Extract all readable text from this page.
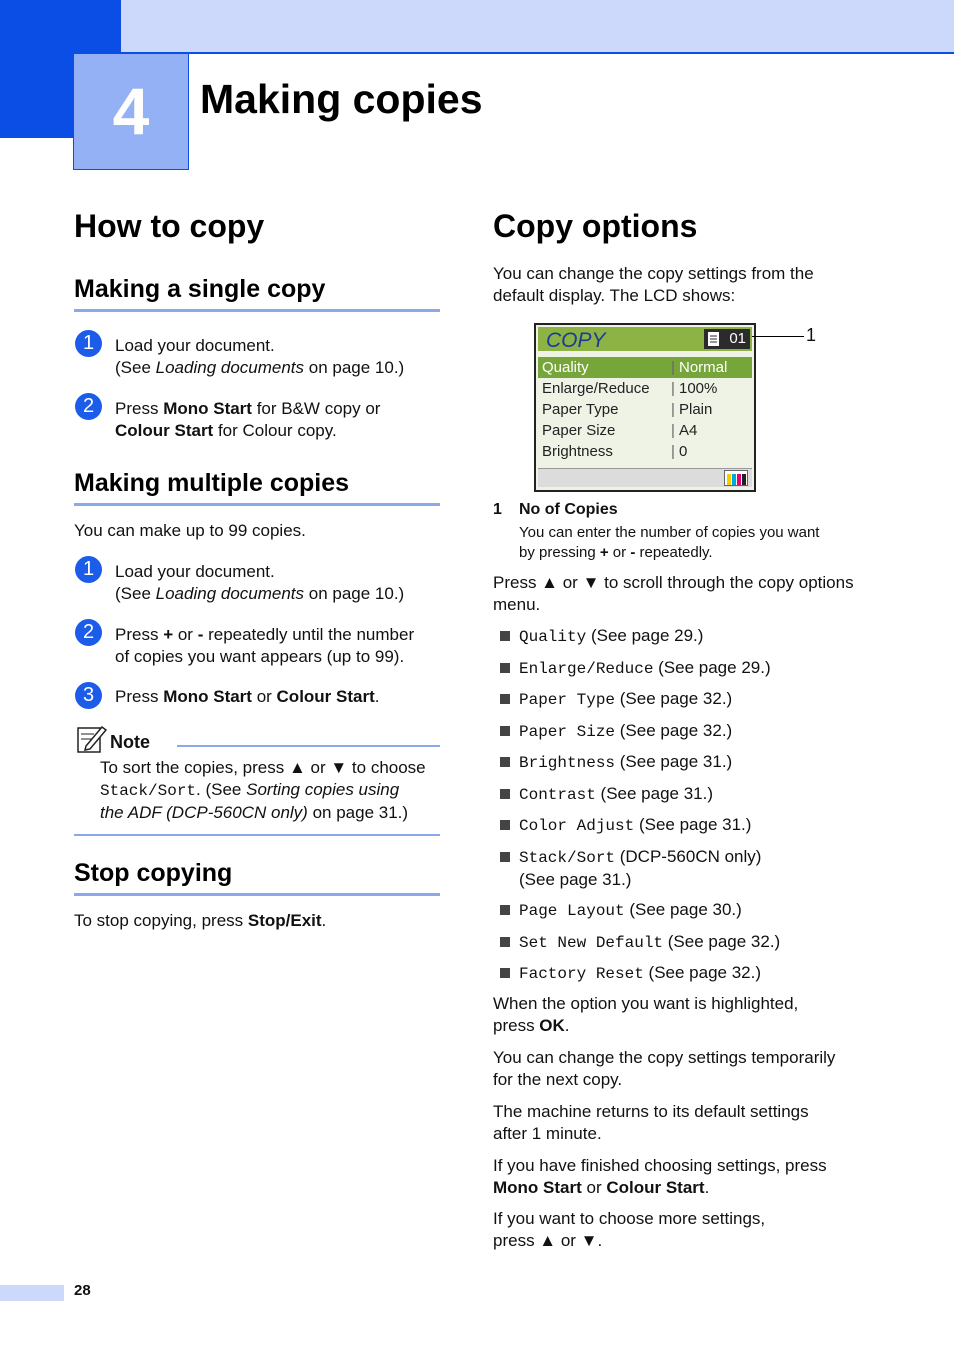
4	Making copies
How to copy
Making a single copy
1	Load your document.
(See Loading documents on page 10.)
2	Press Mono Start for B&W copy or
Colour Start for Colour copy.
Making multiple copies
You can make up to 99 copies.
1	Load your document.
(See Loading documents on page 10.)
2	Press + or - repeatedly until the number
of copies you want appears (up to 99).
3	Press Mono Start or Colour Start.
Note
To sort the copies, press ▲ or ▼ to choose
Stack/Sort. (See Sorting copies using
the ADF (DCP-560CN only) on page 31.)
Stop copying
To stop copying, press Stop/Exit.
Copy options
You can change the copy settings from the
default display. The LCD shows:
COPY	01
Quality	| Normal
Enlarge/Reduce | 100%
Paper Type	| Plain
Paper Size	| A4
Brightness	| 0
1
1 No of Copies
You can enter the number of copies you want
by pressing + or - repeatedly.
Press ▲ or ▼ to scroll through the copy options
menu.
Quality (See page 29.)
Enlarge/Reduce (See page 29.)
Paper Type (See page 32.)
Paper Size (See page 32.)
Brightness (See page 31.)
Contrast (See page 31.)
Color Adjust (See page 31.)
Stack/Sort (DCP-560CN only)
(See page 31.)
Page Layout (See page 30.)
Set New Default (See page 32.)
Factory Reset (See page 32.)
When the option you want is highlighted,
press OK.
You can change the copy settings temporarily
for the next copy.
The machine returns to its default settings
after 1 minute.
If you have finished choosing settings, press
Mono Start or Colour Start.
If you want to choose more settings,
press ▲ or ▼.
28
